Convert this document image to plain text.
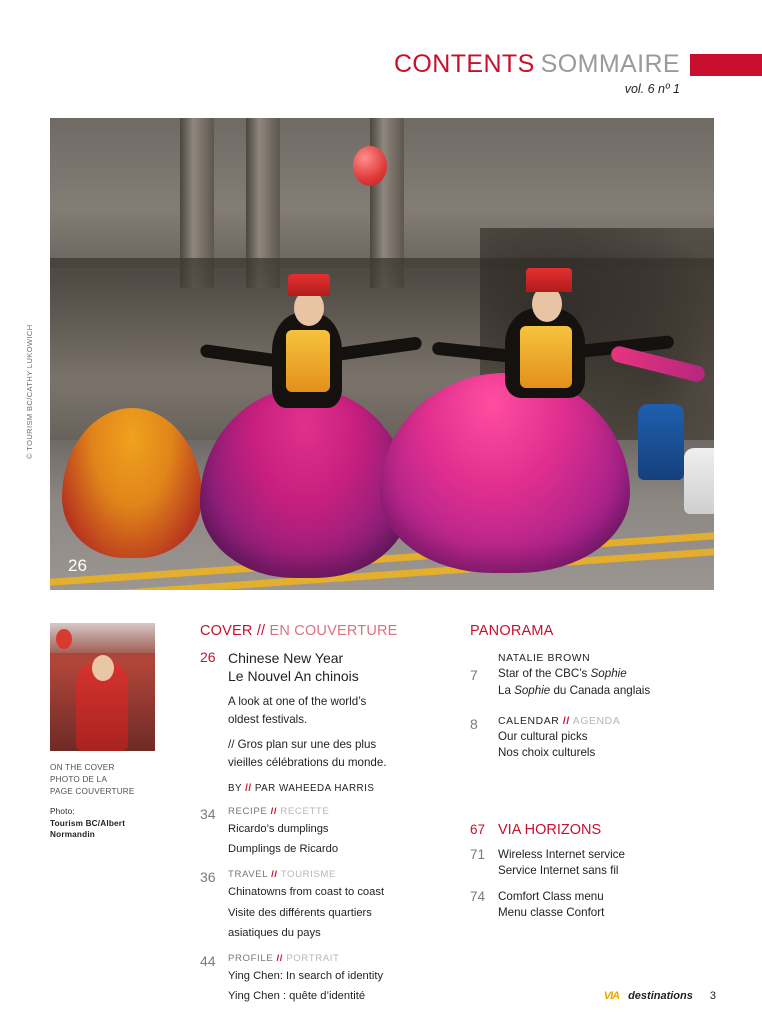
CONTENTS SOMMAIRE
vol. 6 nº 1
26
© TOURISM BC/CATHY LUKOWICH
ON THE COVER
PHOTO DE LA
PAGE COUVERTURE
Photo:
Tourism BC/Albert
Normandin
COVER // EN COUVERTURE
26 Chinese New Year
Le Nouvel An chinois
A look at one of the world’s
oldest festivals.
// Gros plan sur une des plus
vieilles célébrations du monde.
BY // PAR WAHEEDA HARRIS
34 RECIPE // RECETTE
Ricardo’s dumplings
Dumplings de Ricardo
36 TRAVEL // TOURISME
Chinatowns from coast to coast
Visite des différents quartiers
asiatiques du pays
44 PROFILE // PORTRAIT
Ying Chen: In search of identity
Ying Chen : quête d’identité
PANORAMA
7
NATALIE BROWN
Star of the CBC’s Sophie
La Sophie du Canada anglais
8 CALENDAR // AGENDA
Our cultural picks
Nos choix culturels
67 VIA HORIZONS
71 Wireless Internet service
Service Internet sans fil
74 Comfort Class menu
Menu classe Confort
VIA destinations 3
